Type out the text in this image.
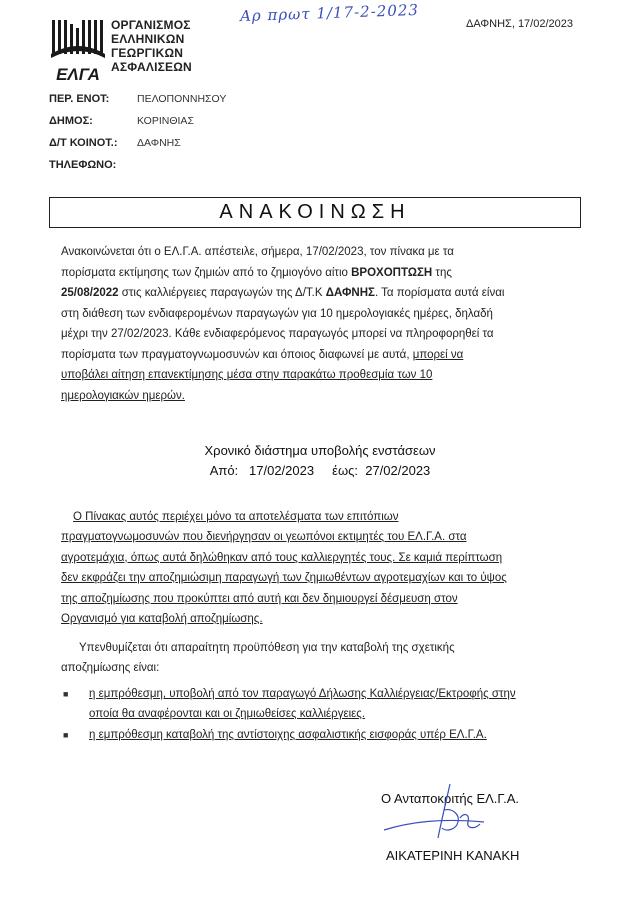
ΕΛΓΑ
ΟΡΓΑΝΙΣΜΟΣ
ΕΛΛΗΝΙΚΩΝ
ΓΕΩΡΓΙΚΩΝ
ΑΣΦΑΛΙΣΕΩΝ
Αρ πρωτ 1/17-2-2023	ΔΑΦΝΗΣ, 17/02/2023
ΠΕΡ. ΕΝΟΤ:	ΠΕΛΟΠΟΝΝΗΣΟΥ
ΔΗΜΟΣ:	ΚΟΡΙΝΘΙΑΣ
Δ/Τ ΚΟΙΝΟΤ.: ΔΑΦΝΗΣ
ΤΗΛΕΦΩΝΟ:
ΑΝΑΚΟΙΝΩΣΗ
Ανακοινώνεται ότι ο ΕΛ.Γ.Α. απέστειλε, σήμερα, 17/02/2023, τον πίνακα με τα
πορίσματα εκτίμησης των ζημιών από το ζημιογόνο αίτιο ΒΡΟΧΟΠΤΩΣΗ της
25/08/2022 στις καλλιέργειες παραγωγών της Δ/Τ.Κ ΔΑΦΝΗΣ. Τα πορίσματα αυτά είναι
στη διάθεση των ενδιαφερομένων παραγωγών για 10 ημερολογιακές ημέρες, δηλαδή
μέχρι την 27/02/2023. Κάθε ενδιαφερόμενος παραγωγός μπορεί να πληροφορηθεί τα
πορίσματα των πραγματογνωμοσυνών και όποιος διαφωνεί με αυτά, μπορεί να
υποβάλει αίτηση επανεκτίμησης μέσα στην παρακάτω προθεσμία των 10
ημερολογιακών ημερών.
Χρονικό διάστημα υποβολής ενστάσεων
Από: 17/02/2023 έως: 27/02/2023
Ο Πίνακας αυτός περιέχει μόνο τα αποτελέσματα των επιτόπιων
πραγματογνωμοσυνών που διενήργησαν οι γεωπόνοι εκτιμητές του ΕΛ.Γ.Α. στα
αγροτεμάχια, όπως αυτά δηλώθηκαν από τους καλλιεργητές τους. Σε καμιά περίπτωση
δεν εκφράζει την αποζημιώσιμη παραγωγή των ζημιωθέντων αγροτεμαχίων και το ύψος
της αποζημίωσης που προκύπτει από αυτή και δεν δημιουργεί δέσμευση στον
Οργανισμό για καταβολή αποζημίωσης.
Υπενθυμίζεται ότι απαραίτητη προϋπόθεση για την καταβολή της σχετικής
αποζημίωσης είναι:
■ η εμπρόθεσμη, υποβολή από τον παραγωγό Δήλωσης Καλλιέργειας/Εκτροφής στην
οποία θα αναφέρονται και οι ζημιωθείσες καλλιέργειες.
■ η εμπρόθεσμη καταβολή της αντίστοιχης ασφαλιστικής εισφοράς υπέρ ΕΛ.Γ.Α.
Ο Ανταποκριτής ΕΛ.Γ.Α.
ΑΙΚΑΤΕΡΙΝΗ ΚΑΝΑΚΗ
